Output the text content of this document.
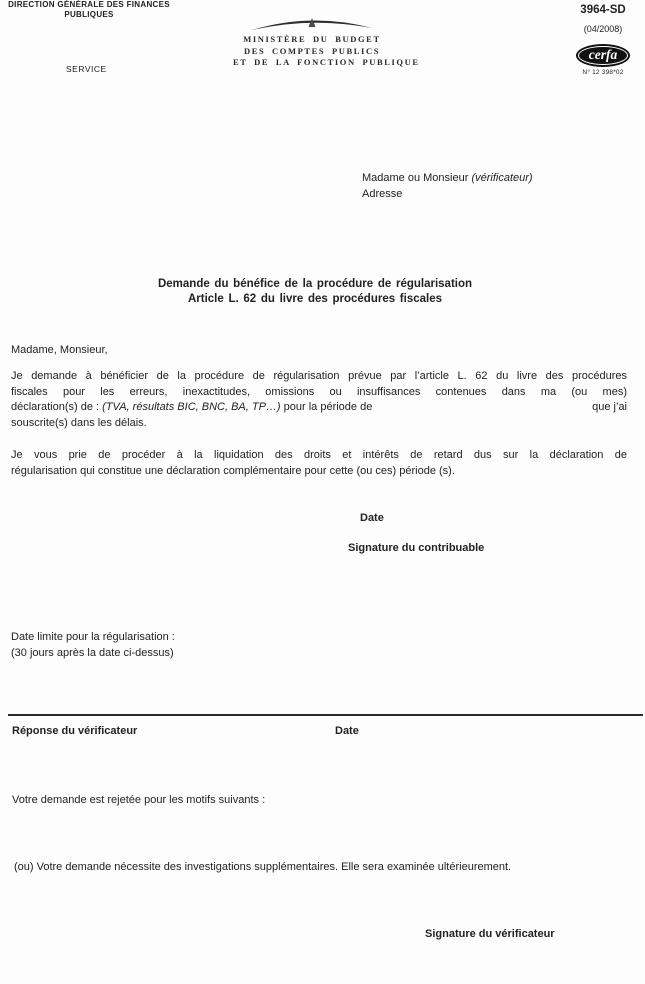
DIRECTION GÉNÉRALE DES FINANCES
PUBLIQUES
SERVICE
MINISTÈRE DU BUDGET
DES COMPTES PUBLICS
ET DE LA FONCTION PUBLIQUE
3964-SD
(04/2008)
cerfa
N° 12 398*02
Madame ou Monsieur (vérificateur)
Adresse
Demande du bénéfice de la procédure de régularisation
Article L. 62 du livre des procédures fiscales
Madame, Monsieur,
Je demande à bénéficier de la procédure de régularisation prévue par l’article L. 62 du livre des procédures
fiscales pour les erreurs, inexactitudes, omissions ou insuffisances contenues dans ma (ou mes)
déclaration(s) de : (TVA, résultats BIC, BNC, BA, TP…) pour la période de	que j’ai
souscrite(s) dans les délais.
Je vous prie de procéder à la liquidation des droits et intérêts de retard dus sur la déclaration de
régularisation qui constitue une déclaration complémentaire pour cette (ou ces) période (s).
Date
Signature du contribuable
Date limite pour la régularisation :
(30 jours après la date ci-dessus)
Réponse du vérificateur	Date
Votre demande est rejetée pour les motifs suivants :
(ou) Votre demande nécessite des investigations supplémentaires. Elle sera examinée ultérieurement.
Signature du vérificateur
